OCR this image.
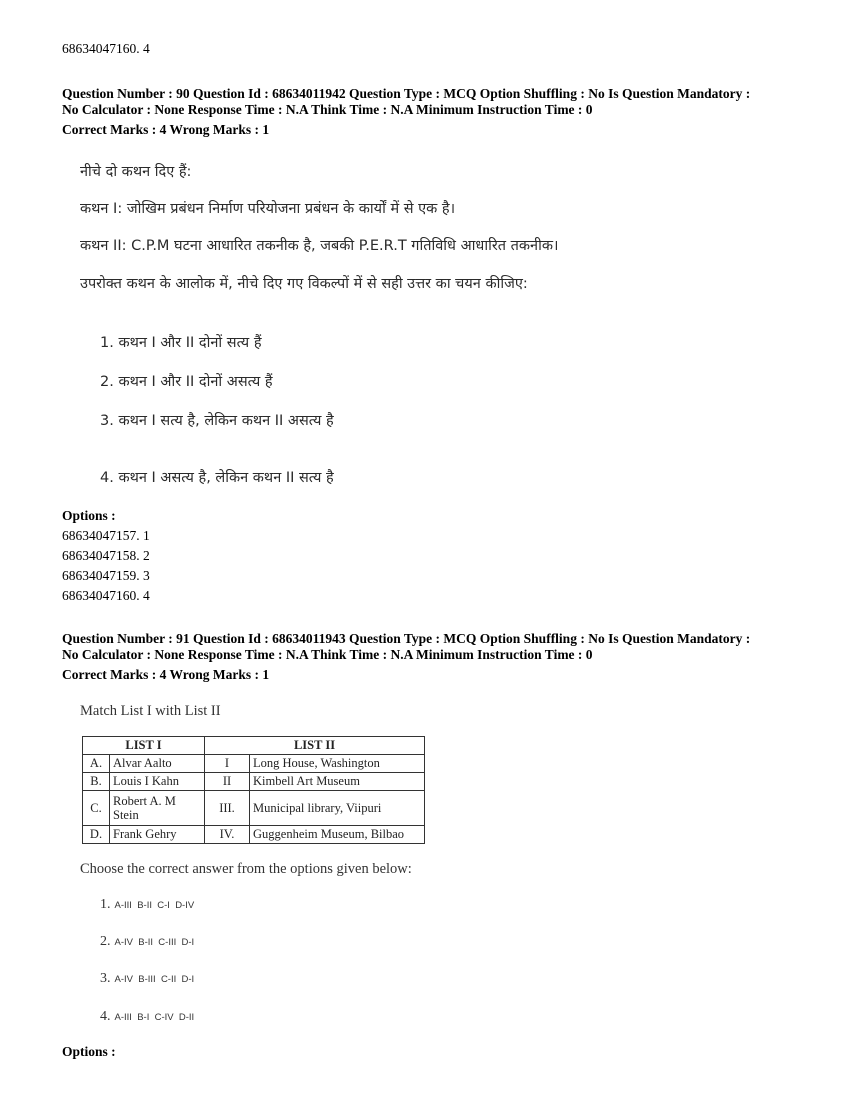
68634047160. 4
Question Number : 90 Question Id : 68634011942 Question Type : MCQ Option Shuffling : No Is Question Mandatory :
No Calculator : None Response Time : N.A Think Time : N.A Minimum Instruction Time : 0
Correct Marks : 4 Wrong Marks : 1
नीचे दो कथन दिए हैं:
कथन I: जोखिम प्रबंधन निर्माण परियोजना प्रबंधन के कार्यों में से एक है।
कथन II: C.P.M घटना आधारित तकनीक है, जबकी P.E.R.T गतिविधि आधारित तकनीक।
उपरोक्त कथन के आलोक में, नीचे दिए गए विकल्पों में से सही उत्तर का चयन कीजिए:
1. कथन I और II दोनों सत्य हैं
2. कथन I और II दोनों असत्य हैं
3. कथन I सत्य है, लेकिन कथन II असत्य है
4. कथन I असत्य है, लेकिन कथन II सत्य है
Options :
68634047157. 1
68634047158. 2
68634047159. 3
68634047160. 4
Question Number : 91 Question Id : 68634011943 Question Type : MCQ Option Shuffling : No Is Question Mandatory :
No Calculator : None Response Time : N.A Think Time : N.A Minimum Instruction Time : 0
Correct Marks : 4 Wrong Marks : 1
Match List I with List II
LIST I		LIST II	
A.	Alvar Aalto	I	Long House, Washington
B.	Louis I Kahn	II	Kimbell Art Museum
C.	Robert A. M Stein	III.	Municipal library, Viipuri
D.	Frank Gehry	IV.	Guggenheim Museum, Bilbao
Choose the correct answer from the options given below:
1. A-III  B-II  C-I  D-IV
2. A-IV  B-II  C-III  D-I
3. A-IV  B-III  C-II  D-I
4. A-III  B-I  C-IV  D-II
Options :
